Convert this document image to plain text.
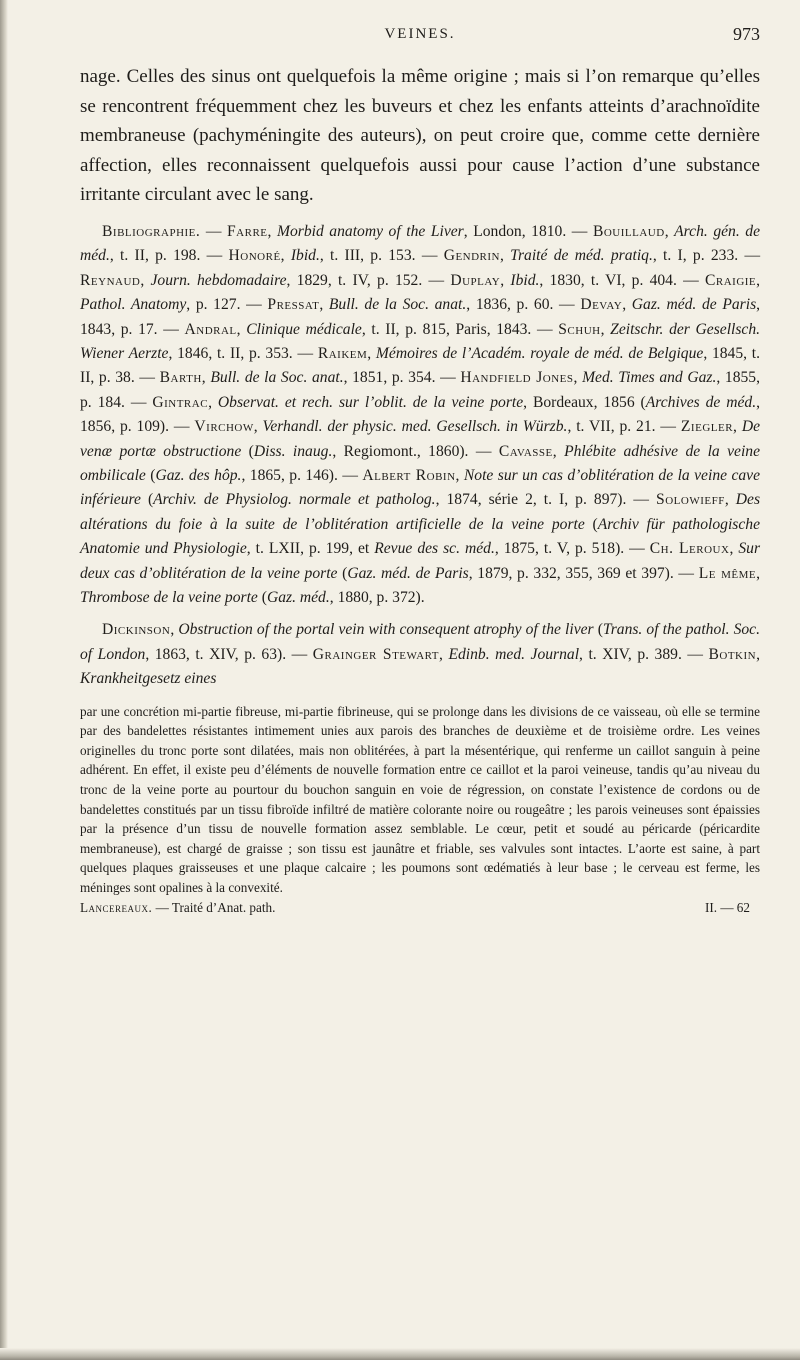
VEINES.	973

nage. Celles des sinus ont quelquefois la même origine ; mais si l’on remarque qu’elles se rencontrent fréquemment chez les buveurs et chez les enfants atteints d’arachnoïdite membraneuse (pachyméningite des auteurs), on peut croire que, comme cette dernière affection, elles reconnaissent quelquefois aussi pour cause l’action d’une substance irritante circulant avec le sang.

Bibliographie. — Farre, Morbid anatomy of the Liver, London, 1810. — Bouillaud, Arch. gén. de méd., t. II, p. 198. — Honoré, Ibid., t. III, p. 153. — Gendrin, Traité de méd. pratiq., t. I, p. 233. — Reynaud, Journ. hebdomadaire, 1829, t. IV, p. 152. — Duplay, Ibid., 1830, t. VI, p. 404. — Craigie, Pathol. Anatomy, p. 127. — Pressat, Bull. de la Soc. anat., 1836, p. 60. — Devay, Gaz. méd. de Paris, 1843, p. 17. — Andral, Clinique médicale, t. II, p. 815, Paris, 1843. — Schuh, Zeitschr. der Gesellsch. Wiener Aerzte, 1846, t. II, p. 353. — Raikem, Mémoires de l’Académ. royale de méd. de Belgique, 1845, t. II, p. 38. — Barth, Bull. de la Soc. anat., 1851, p. 354. — Handfield Jones, Med. Times and Gaz., 1855, p. 184. — Gintrac, Observat. et rech. sur l’oblit. de la veine porte, Bordeaux, 1856 (Archives de méd., 1856, p. 109). — Virchow, Verhandl. der physic. med. Gesellsch. in Würzb., t. VII, p. 21. — Ziegler, De venæ portæ obstructione (Diss. inaug., Regiomont., 1860). — Cavasse, Phlébite adhésive de la veine ombilicale (Gaz. des hôp., 1865, p. 146). — Albert Robin, Note sur un cas d’oblitération de la veine cave inférieure (Archiv. de Physiolog. normale et patholog., 1874, série 2, t. I, p. 897). — Solowieff, Des altérations du foie à la suite de l’oblitération artificielle de la veine porte (Archiv für pathologische Anatomie und Physiologie, t. LXII, p. 199, et Revue des sc. méd., 1875, t. V, p. 518). — Ch. Leroux, Sur deux cas d’oblitération de la veine porte (Gaz. méd. de Paris, 1879, p. 332, 355, 369 et 397). — Le même, Thrombose de la veine porte (Gaz. méd., 1880, p. 372).

Dickinson, Obstruction of the portal vein with consequent atrophy of the liver (Trans. of the pathol. Soc. of London, 1863, t. XIV, p. 63). — Grainger Stewart, Edinb. med. Journal, t. XIV, p. 389. — Botkin, Krankheitgesetz eines

par une concrétion mi-partie fibreuse, mi-partie fibrineuse, qui se prolonge dans les divisions de ce vaisseau, où elle se termine par des bandelettes résistantes intimement unies aux parois des branches de deuxième et de troisième ordre. Les veines originelles du tronc porte sont dilatées, mais non oblitérées, à part la mésentérique, qui renferme un caillot sanguin à peine adhérent. En effet, il existe peu d’éléments de nouvelle formation entre ce caillot et la paroi veineuse, tandis qu’au niveau du tronc de la veine porte au pourtour du bouchon sanguin en voie de régression, on constate l’existence de cordons ou de bandelettes constitués par un tissu fibroïde infiltré de matière colorante noire ou rougeâtre ; les parois veineuses sont épaissies par la présence d’un tissu de nouvelle formation assez semblable. Le cœur, petit et soudé au péricarde (péricardite membraneuse), est chargé de graisse ; son tissu est jaunâtre et friable, ses valvules sont intactes. L’aorte est saine, à part quelques plaques graisseuses et une plaque calcaire ; les poumons sont œdématiés à leur base ; le cerveau est ferme, les méninges sont opalines à la convexité.

Lancereaux. — Traité d’Anat. path.	II. — 62
